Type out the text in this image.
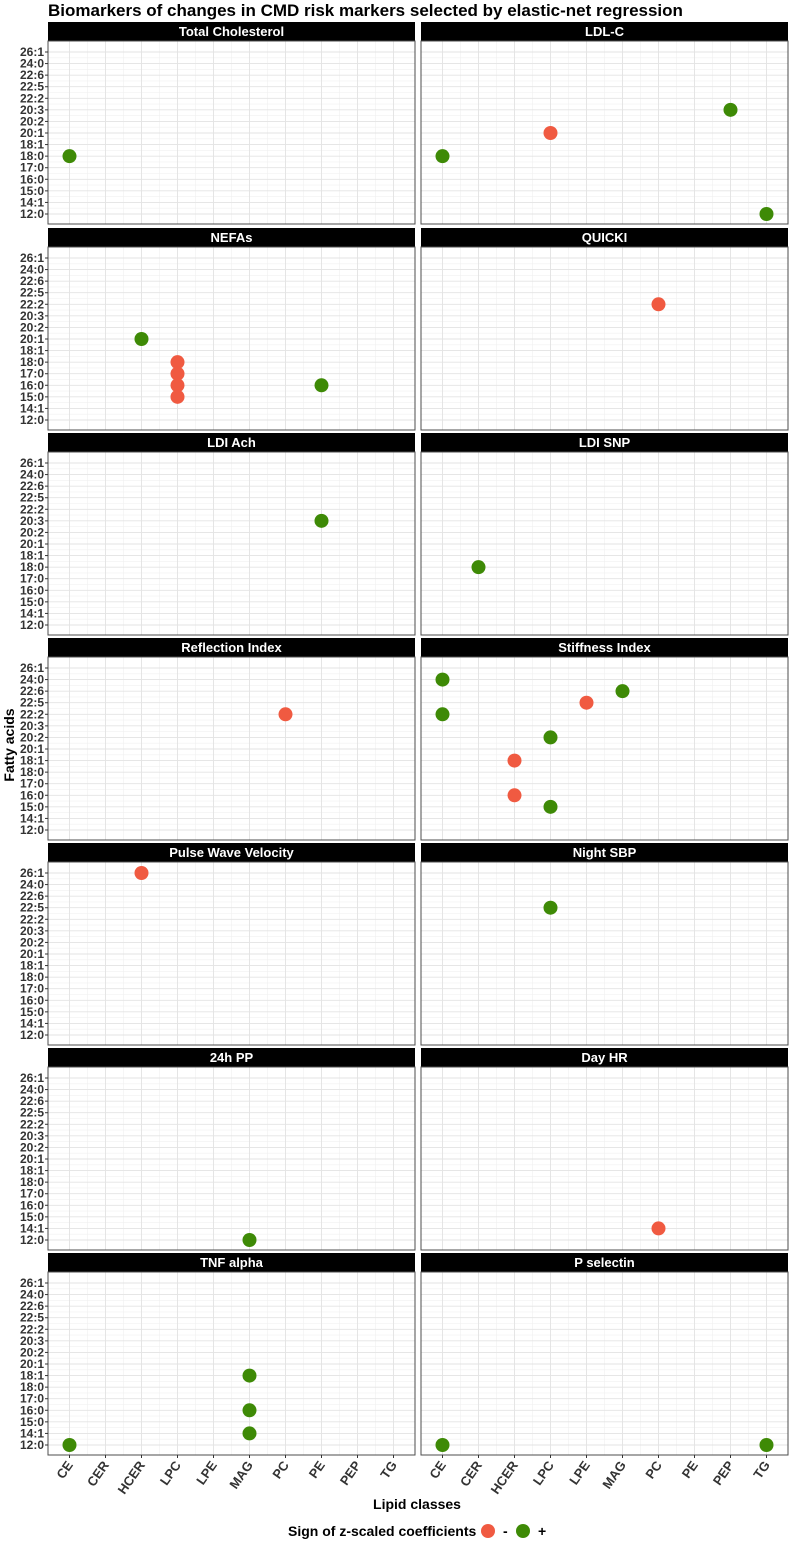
Biomarkers of changes in CMD risk markers selected by elastic-net regression
Total Cholesterol
12:0
14:1
15:0
16:0
17:0
18:0
18:1
20:1
20:2
20:3
22:2
22:5
22:6
24:0
26:1
LDL-C
NEFAs
12:0
14:1
15:0
16:0
17:0
18:0
18:1
20:1
20:2
20:3
22:2
22:5
22:6
24:0
26:1
QUICKI
LDI Ach
12:0
14:1
15:0
16:0
17:0
18:0
18:1
20:1
20:2
20:3
22:2
22:5
22:6
24:0
26:1
LDI SNP
Reflection Index
12:0
14:1
15:0
16:0
17:0
18:0
18:1
20:1
20:2
20:3
22:2
22:5
22:6
24:0
26:1
Stiffness Index
Pulse Wave Velocity
12:0
14:1
15:0
16:0
17:0
18:0
18:1
20:1
20:2
20:3
22:2
22:5
22:6
24:0
26:1
Night SBP
24h PP
12:0
14:1
15:0
16:0
17:0
18:0
18:1
20:1
20:2
20:3
22:2
22:5
22:6
24:0
26:1
Day HR
TNF alpha
12:0
14:1
15:0
16:0
17:0
18:0
18:1
20:1
20:2
20:3
22:2
22:5
22:6
24:0
26:1
P selectin
CE CER HCER LPC LPE MAG PC PE PEP TG CE CER HCER LPC LPE MAG PC PE PEP TG
Fatty acids
Lipid classes
Sign of z-scaled coefficients - +
